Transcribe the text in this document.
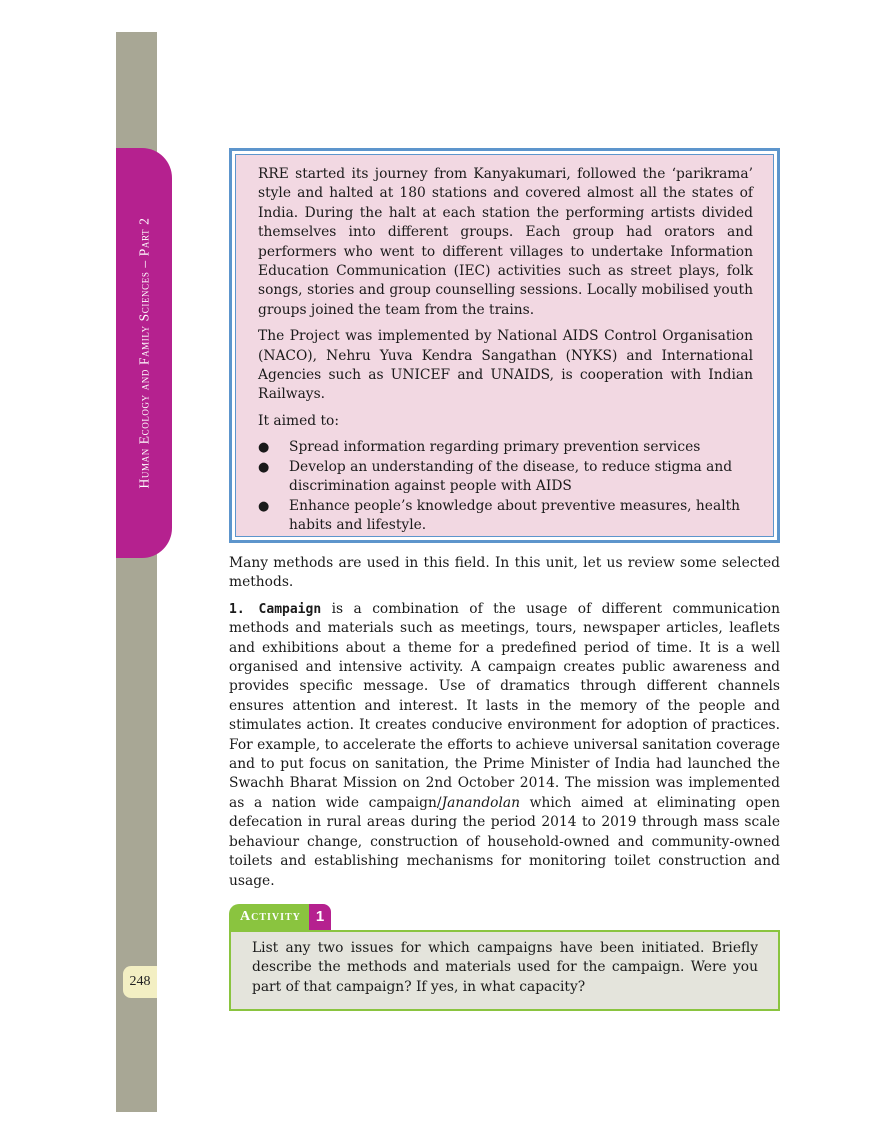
Human Ecology and Family Sciences – Part 2
248

RRE started its journey from Kanyakumari, followed the ‘parikrama’ style and halted at 180 stations and covered almost all the states of India. During the halt at each station the performing artists divided themselves into different groups. Each group had orators and performers who went to different villages to undertake Information Education Communication (IEC) activities such as street plays, folk songs, stories and group counselling sessions. Locally mobilised youth groups joined the team from the trains.

The Project was implemented by National AIDS Control Organisation (NACO), Nehru Yuva Kendra Sangathan (NYKS) and International Agencies such as UNICEF and UNAIDS, is cooperation with Indian Railways.

It aimed to:

● Spread information regarding primary prevention services
● Develop an understanding of the disease, to reduce stigma and discrimination against people with AIDS
● Enhance people’s knowledge about preventive measures, health habits and lifestyle.

Many methods are used in this field. In this unit, let us review some selected methods.

1. Campaign is a combination of the usage of different communication methods and materials such as meetings, tours, newspaper articles, leaflets and exhibitions about a theme for a predefined period of time. It is a well organised and intensive activity. A campaign creates public awareness and provides specific message. Use of dramatics through different channels ensures attention and interest. It lasts in the memory of the people and stimulates action. It creates conducive environment for adoption of practices. For example, to accelerate the efforts to achieve universal sanitation coverage and to put focus on sanitation, the Prime Minister of India had launched the Swachh Bharat Mission on 2nd October 2014. The mission was implemented as a nation wide campaign/Janandolan which aimed at eliminating open defecation in rural areas during the period 2014 to 2019 through mass scale behaviour change, construction of household-owned and community-owned toilets and establishing mechanisms for monitoring toilet construction and usage.

Activity	1

List any two issues for which campaigns have been initiated. Briefly describe the methods and materials used for the campaign. Were you part of that campaign? If yes, in what capacity?
